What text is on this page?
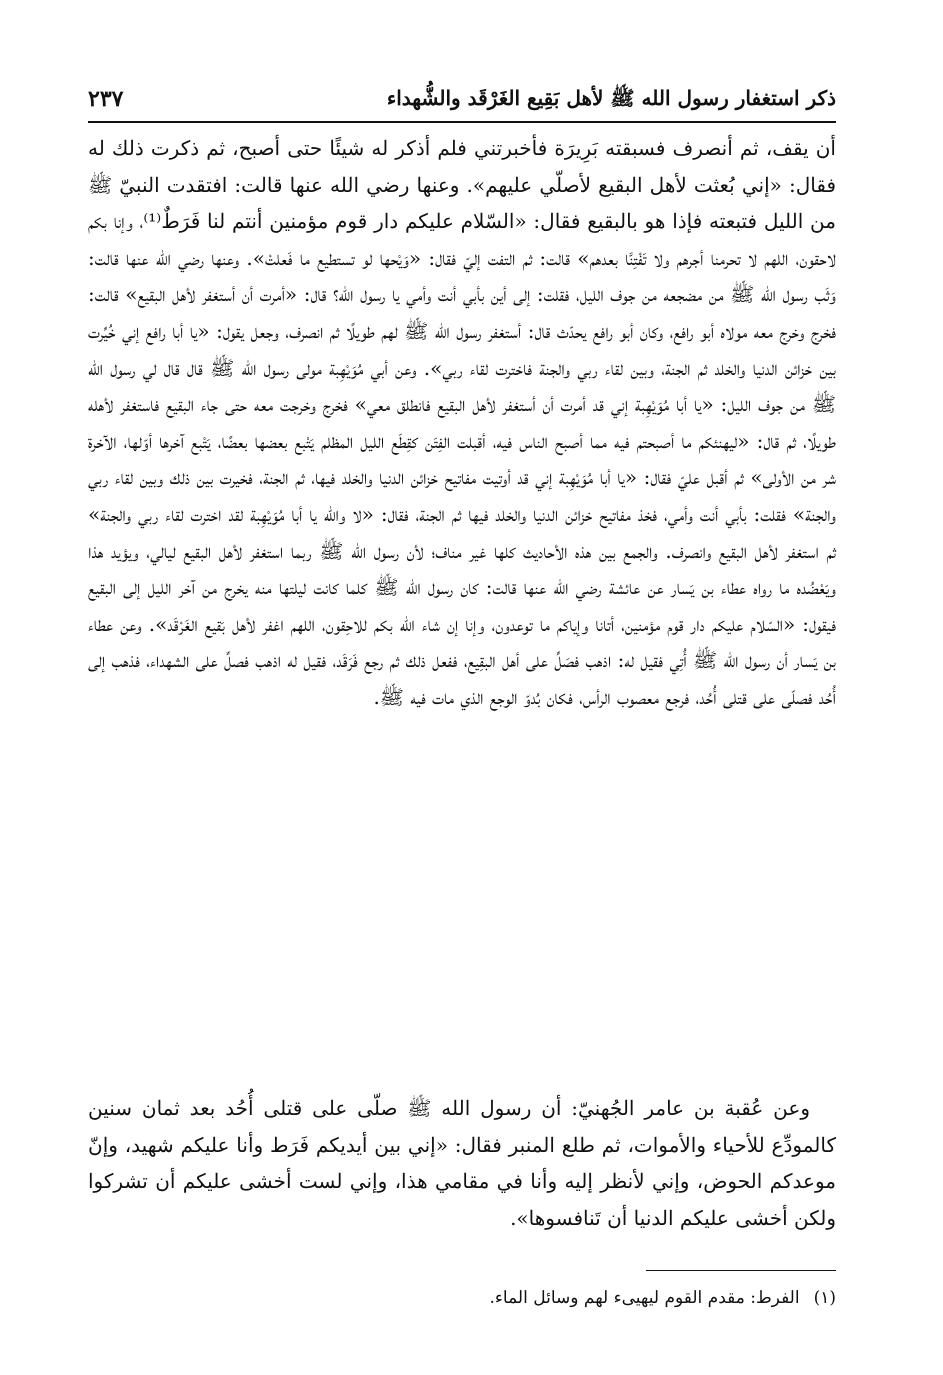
ذكر استغفار رسول الله ﷺ لأهل بَقِيع الغَرْقَد والشُّهداء
٢٣٧

أن يقف، ثم أنصرف فسبقته بَرِيرَة فأخبرتني فلم أذكر له شيئًا حتى أصبح، ثم ذكرت ذلك له فقال: «إني بُعثت لأهل البقيع لأصلّي عليهم». وعنها رضي الله عنها قالت: افتقدت النبيّ ﷺ من الليل فتبعته فإذا هو بالبقيع فقال: «السّلام عليكم دار قوم مؤمنين أنتم لنا فَرَطٌ⁽¹⁾، وإنا بكم لاحقون، اللهم لا تحرمنا أجرهم ولا تَفْتِنَّا بعدهم» قالت: ثم التفت إليّ فقال: «وَيْحها لو تستطيع ما فَعلتْ». وعنها رضي الله عنها قالت: وَثَب رسول الله ﷺ من مضجعه من جوف الليل، فقلت: إلى أين بأبي أنت وأمي يا رسول الله؟ قال: «أمرت أن أستغفر لأهل البقيع» قالت: فخرج وخرج معه مولاه أبو رافع، وكان أبو رافع يحدّث قال: أستغفر رسول الله ﷺ لهم طويلًا ثم انصرف، وجعل يقول: «يا أبا رافع إني خُيِّرت بين خزائن الدنيا والخلد ثم الجنة، وبين لقاء ربي والجنة فاخترت لقاء ربي». وعن أبي مُوَيْهِبة مولى رسول الله ﷺ قال قال لي رسول الله ﷺ من جوف الليل: «يا أبا مُوَيْهِبة إني قد أمرت أن أستغفر لأهل البقيع فانطلق معي» فخرج وخرجت معه حتى جاء البقيع فاستغفر لأهله طويلًا، ثم قال: «ليهنئكم ما أصبحتم فيه مما أصبح الناس فيه، أقبلت الفِتَن كقِطَع الليل المظلم يَتْبع بعضها بعضًا، يَتْبع آخرها أوّلها، الآخرة شر من الأولى» ثم أقبل عليّ فقال: «يا أبا مُوَيْهِبة إني قد أوتيت مفاتيح خزائن الدنيا والخلد فيها، ثم الجنة، فخيرت بين ذلك وبين لقاء ربي والجنة» فقلت: بأبي أنت وأمي، فخذ مفاتيح خزائن الدنيا والخلد فيها ثم الجنة، فقال: «لا والله يا أبا مُوَيْهِبة لقد اخترت لقاء ربي والجنة» ثم استغفر لأهل البقيع وانصرف. والجمع بين هذه الأحاديث كلها غير مناف؛ لأن رسول الله ﷺ ربما استغفر لأهل البقيع ليالي، ويؤيد هذا ويَعْضُده ما رواه عطاء بن يَسار عن عائشة رضي الله عنها قالت: كان رسول الله ﷺ كلما كانت ليلتها منه يخرج من آخر الليل إلى البقيع فيقول: «السّلام عليكم دار قوم مؤمنين، أتانا وإياكم ما توعدون، وإنا إن شاء الله بكم للاحِقون، اللهم اغفر لأهل بَقيع الغَرْقَد». وعن عطاء بن يَسار أن رسول الله ﷺ أُتِي فقيل له: اذهب فصَلِّ على أهل البقِيع، ففعل ذلك ثم رجع فَرَقَد، فقيل له اذهب فصلِّ على الشهداء، فذهب إلى أُحُد فصلّى على قتلى أُحُد، فرجع معصوب الرأس، فكان بُدوّ الوجع الذي مات فيه ﷺ.

وعن عُقبة بن عامر الجُهنيّ: أن رسول الله ﷺ صلّى على قتلى أُحُد بعد ثمان سنين كالمودِّع للأحياء والأموات، ثم طلع المنبر فقال: «إني بين أيديكم فَرَط وأنا عليكم شهيد، وإنّ موعدكم الحوض، وإني لأنظر إليه وأنا في مقامي هذا، وإني لست أخشى عليكم أن تشركوا ولكن أخشى عليكم الدنيا أن تَنافسوها».

(١)الفرط: مقدم القوم ليهيىء لهم وسائل الماء.
